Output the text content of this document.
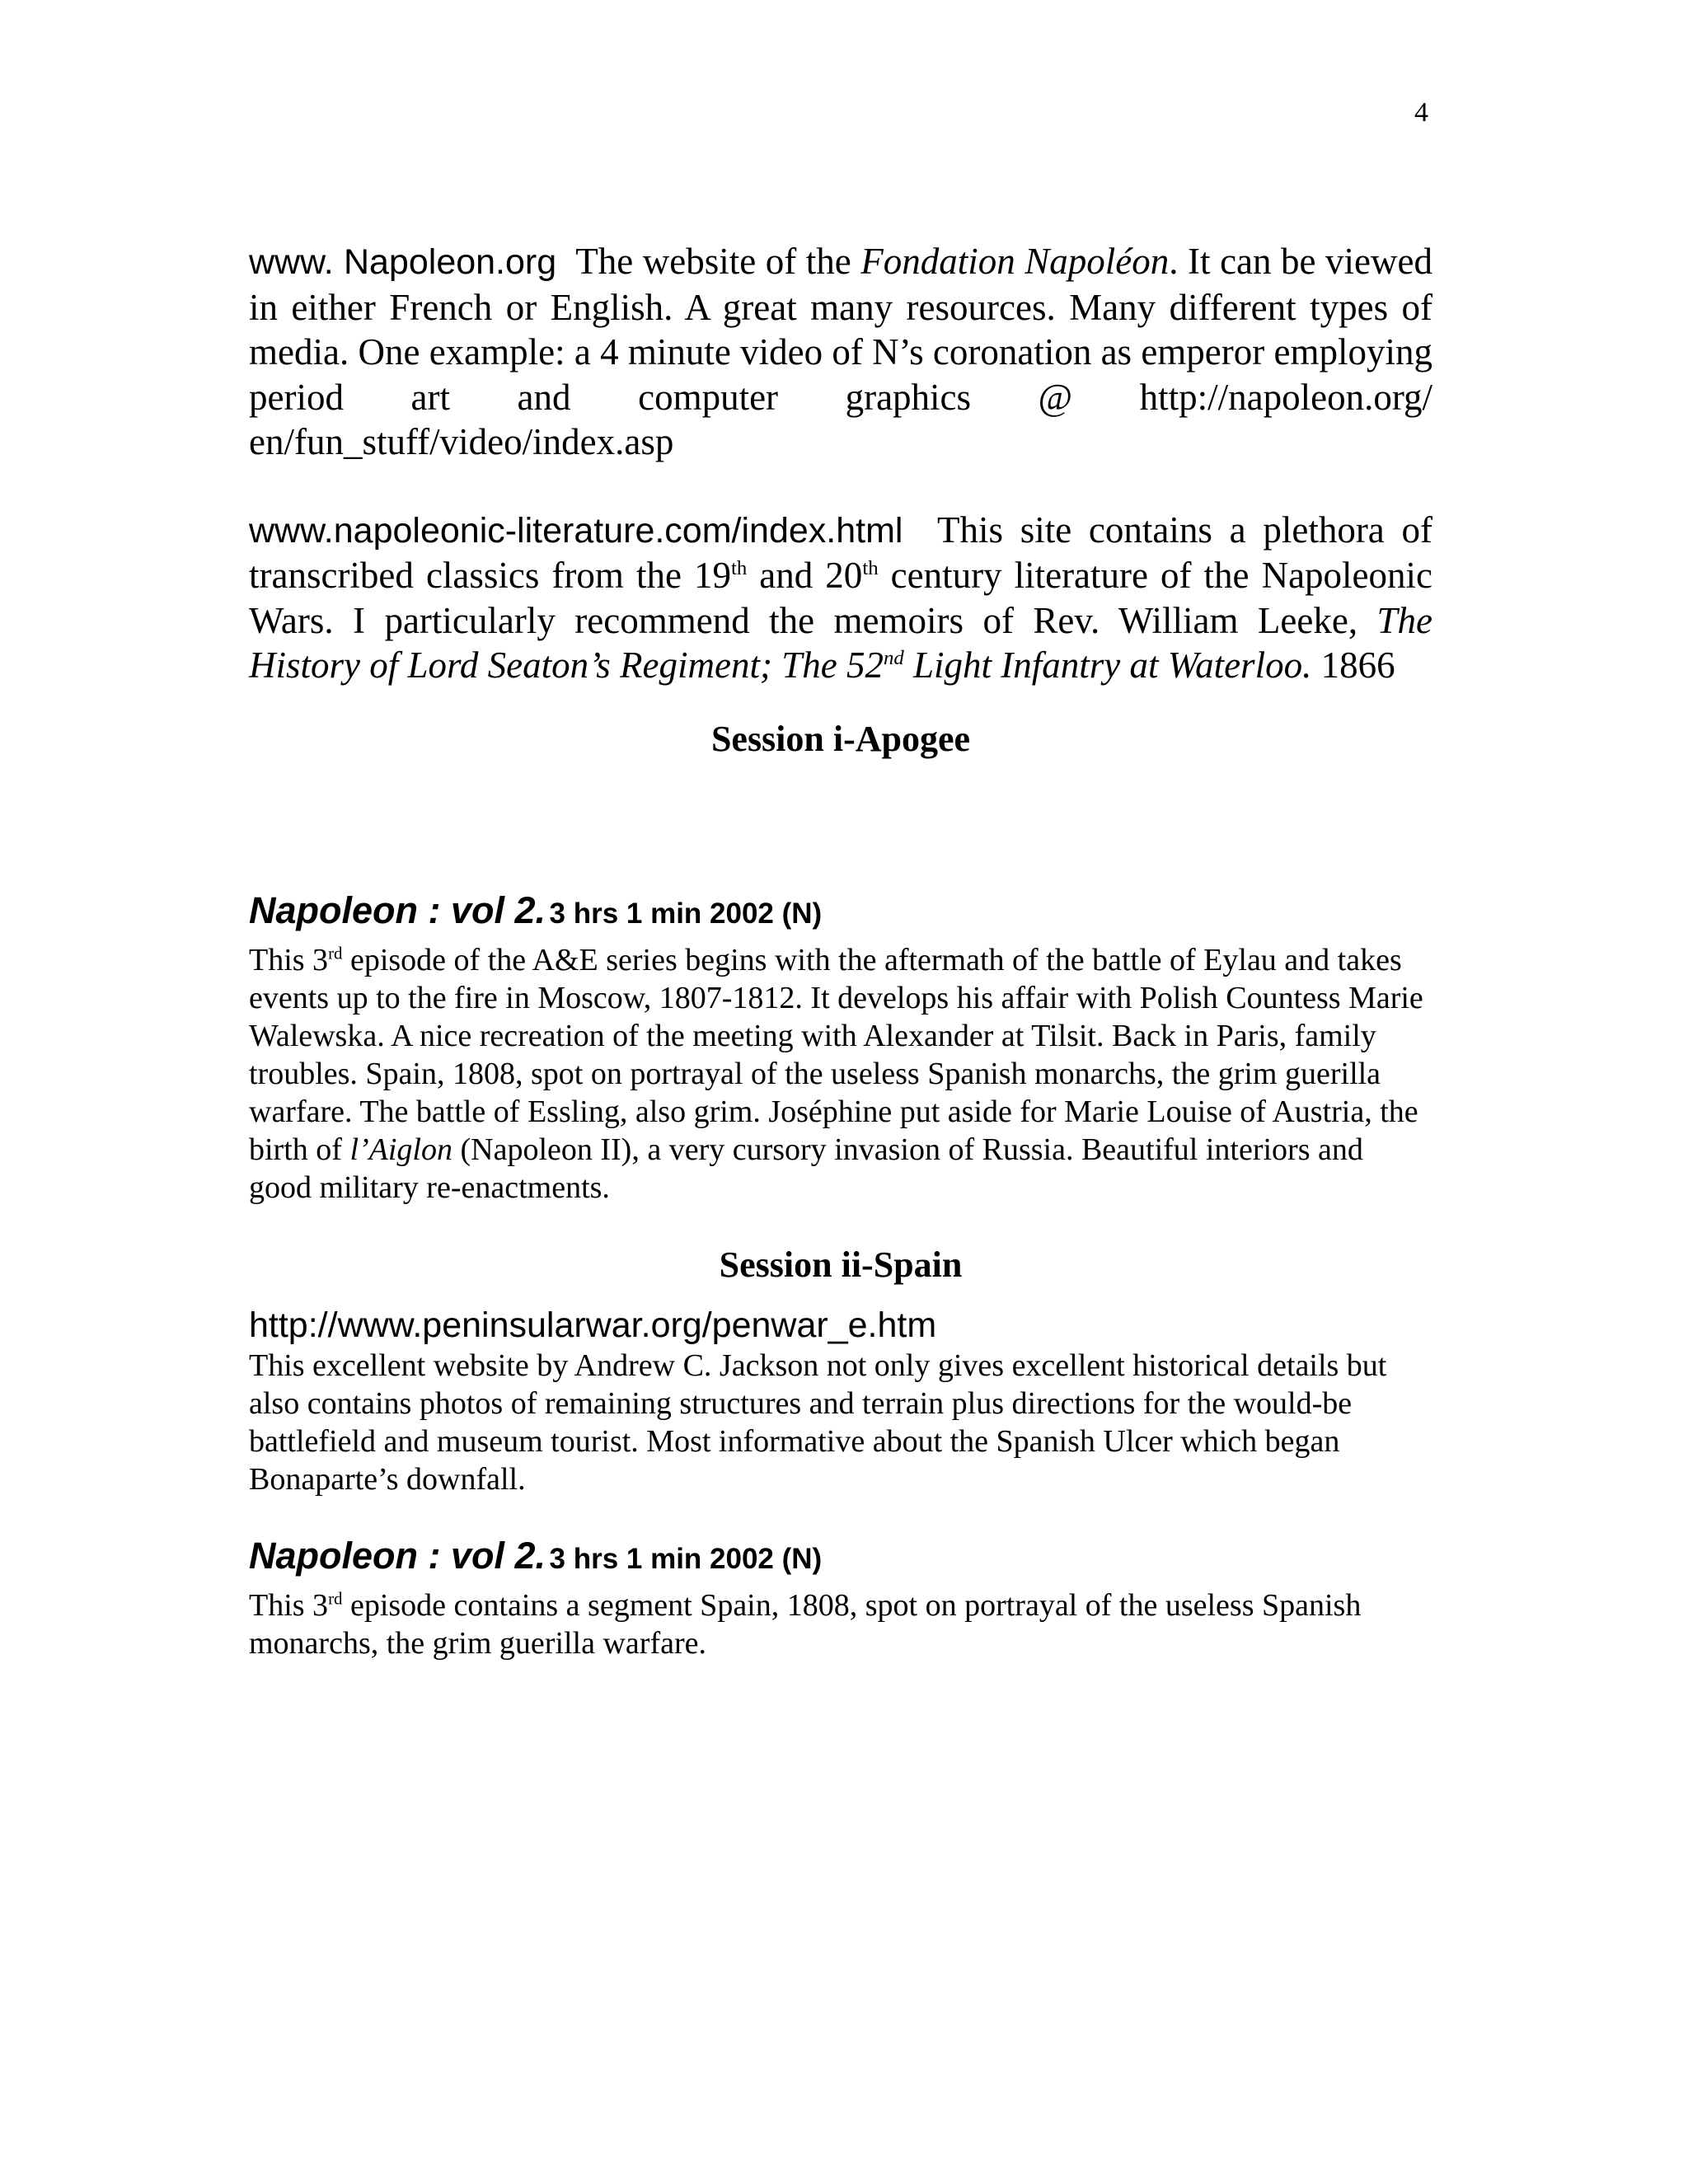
4

www. Napoleon.org The website of the Fondation Napoléon. It can be viewed in either French or English. A great many resources. Many different types of media. One example: a 4 minute video of N’s coronation as emperor employing period art and computer graphics @ http://napoleon.org/ en/fun_stuff/video/index.asp

www.napoleonic-literature.com/index.html This site contains a plethora of transcribed classics from the 19th and 20th century literature of the Napoleonic Wars. I particularly recommend the memoirs of Rev. William Leeke, The History of Lord Seaton’s Regiment; The 52nd Light Infantry at Waterloo. 1866

Session i-Apogee

Napoleon : vol 2. 3 hrs 1 min 2002 (N)

This 3rd episode of the A&E series begins with the aftermath of the battle of Eylau and takes events up to the fire in Moscow, 1807-1812. It develops his affair with Polish Countess Marie Walewska. A nice recreation of the meeting with Alexander at Tilsit. Back in Paris, family troubles. Spain, 1808, spot on portrayal of the useless Spanish monarchs, the grim guerilla warfare. The battle of Essling, also grim. Joséphine put aside for Marie Louise of Austria, the birth of l’Aiglon (Napoleon II), a very cursory invasion of Russia. Beautiful interiors and good military re-enactments.

Session ii-Spain

http://www.peninsularwar.org/penwar_e.htm

This excellent website by Andrew C. Jackson not only gives excellent historical details but also contains photos of remaining structures and terrain plus directions for the would-be battlefield and museum tourist. Most informative about the Spanish Ulcer which began Bonaparte’s downfall.

Napoleon : vol 2. 3 hrs 1 min 2002 (N)

This 3rd episode contains a segment Spain, 1808, spot on portrayal of the useless Spanish monarchs, the grim guerilla warfare.
